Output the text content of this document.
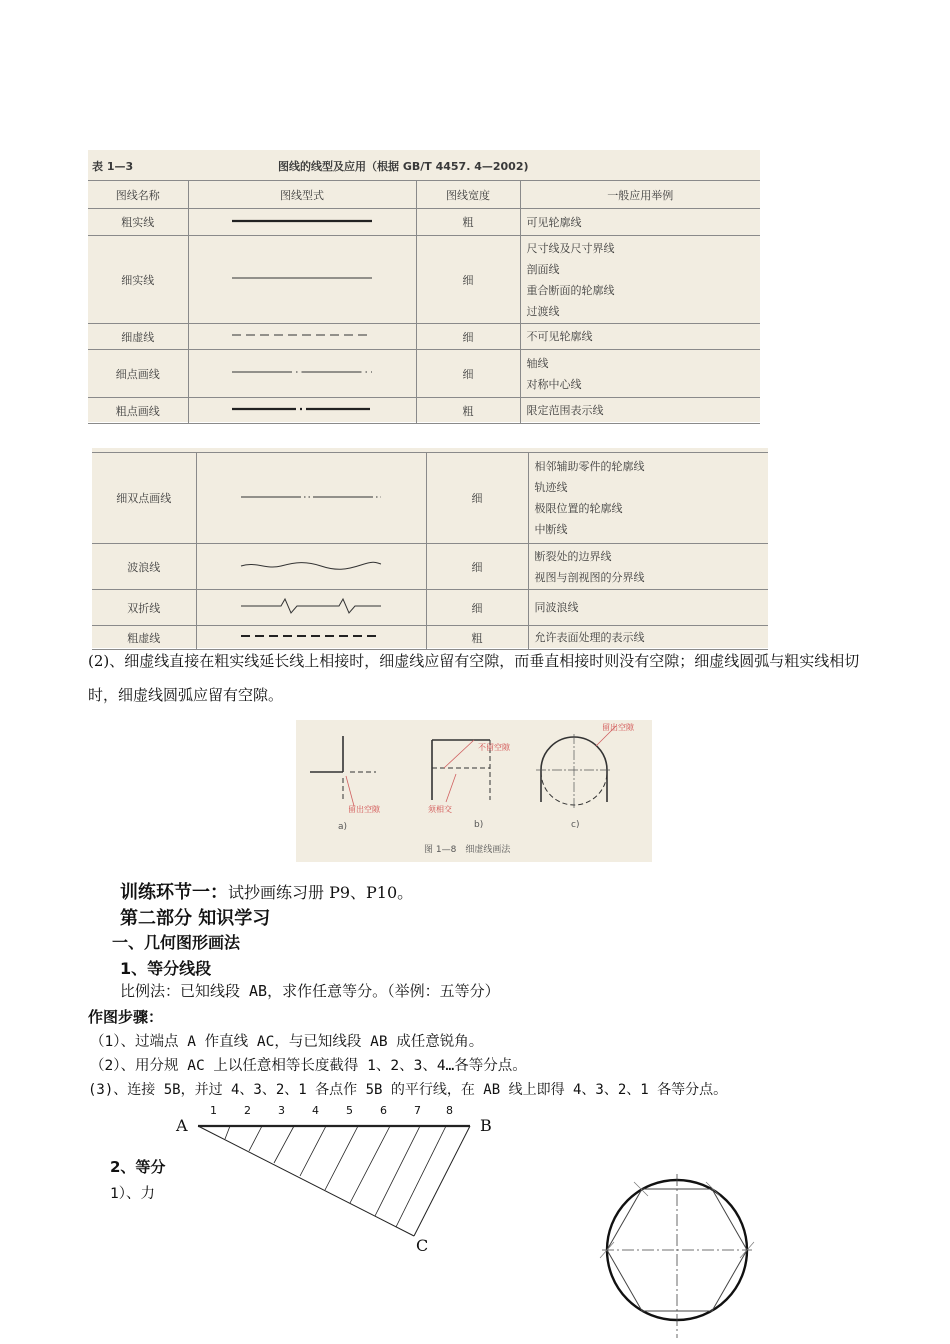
表 1—3	图线的线型及应用（根据 GB/T 4457. 4—2002)
图线名称	图线型式	图线宽度	一般应用举例
粗实线		粗	可见轮廓线
细实线		细	尺寸线及尺寸界线
剖面线
重合断面的轮廓线
过渡线

细虚线		细	不可见轮廓线
细点画线		细	轴线
对称中心线

粗点画线		粗	限定范围表示线
细双点画线		细	相邻辅助零件的轮廓线
轨迹线
极限位置的轮廓线
中断线

波浪线		细	断裂处的边界线
视图与剖视图的分界线

双折线		细	同波浪线
粗虚线		粗	允许表面处理的表示线
(2)、细虚线直接在粗实线延长线上相接时，细虚线应留有空隙，而垂直相接时则没有空隙；细虚线圆弧与粗实线相切时，细虚线圆弧应留有空隙。
留出空隙
不留空隙
须相交
留出空隙
a)	b)	c)
图 1—8　细虚线画法
训练环节一：试抄画练习册 P9、P10。
第二部分 知识学习
一、几何图形画法
1、等分线段
比例法：已知线段 AB，求作任意等分。（举例：五等分）
作图步骤：
（1）、过端点 A 作直线 AC，与已知线段 AB 成任意锐角。
（2）、用分规 AC 上以任意相等长度截得 1、2、3、4…各等分点。
(3)、连接 5B，并过 4、3、2、1 各点作 5B 的平行线，在 AB 线上即得 4、3、2、1 各等分点。
A	B
C
1 2 3 4 5 6 7 8
2、等分
1）、力
